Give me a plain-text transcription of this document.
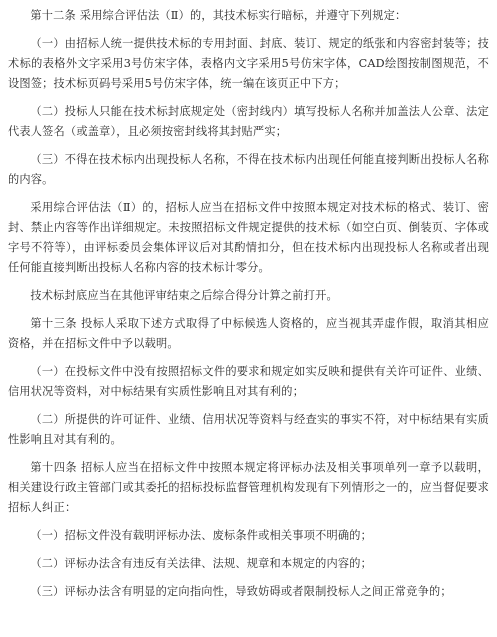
第十二条 采用综合评估法（Ⅱ）的，其技术标实行暗标，并遵守下列规定：

（一）由招标人统一提供技术标的专用封面、封底、装订、规定的纸张和内容密封装等；技术标的表格外文字采用3号仿宋字体，表格内文字采用5号仿宋字体，CAD绘图按制图规范，不设图签；技术标页码号采用5号仿宋字体，统一编在该页正中下方；

（二）投标人只能在技术标封底规定处（密封线内）填写投标人名称并加盖法人公章、法定代表人签名（或盖章），且必须按密封线将其封贴严实；

（三）不得在技术标内出现投标人名称，不得在技术标内出现任何能直接判断出投标人名称的内容。

采用综合评估法（Ⅱ）的，招标人应当在招标文件中按照本规定对技术标的格式、装订、密封、禁止内容等作出详细规定。未按照招标文件规定提供的技术标（如空白页、倒装页、字体或字号不符等），由评标委员会集体评议后对其酌情扣分，但在技术标内出现投标人名称或者出现任何能直接判断出投标人名称内容的技术标计零分。

技术标封底应当在其他评审结束之后综合得分计算之前打开。

第十三条 投标人采取下述方式取得了中标候选人资格的，应当视其弄虚作假，取消其相应资格，并在招标文件中予以载明。

（一）在投标文件中没有按照招标文件的要求和规定如实反映和提供有关许可证件、业绩、信用状况等资料，对中标结果有实质性影响且对其有利的；

（二）所提供的许可证件、业绩、信用状况等资料与经查实的事实不符，对中标结果有实质性影响且对其有利的。

第十四条 招标人应当在招标文件中按照本规定将评标办法及相关事项单列一章予以载明，相关建设行政主管部门或其委托的招标投标监督管理机构发现有下列情形之一的，应当督促要求招标人纠正：

（一）招标文件没有载明评标办法、废标条件或相关事项不明确的；

（二）评标办法含有违反有关法律、法规、规章和本规定的内容的；

（三）评标办法含有明显的定向指向性，导致妨碍或者限制投标人之间正常竞争的；
